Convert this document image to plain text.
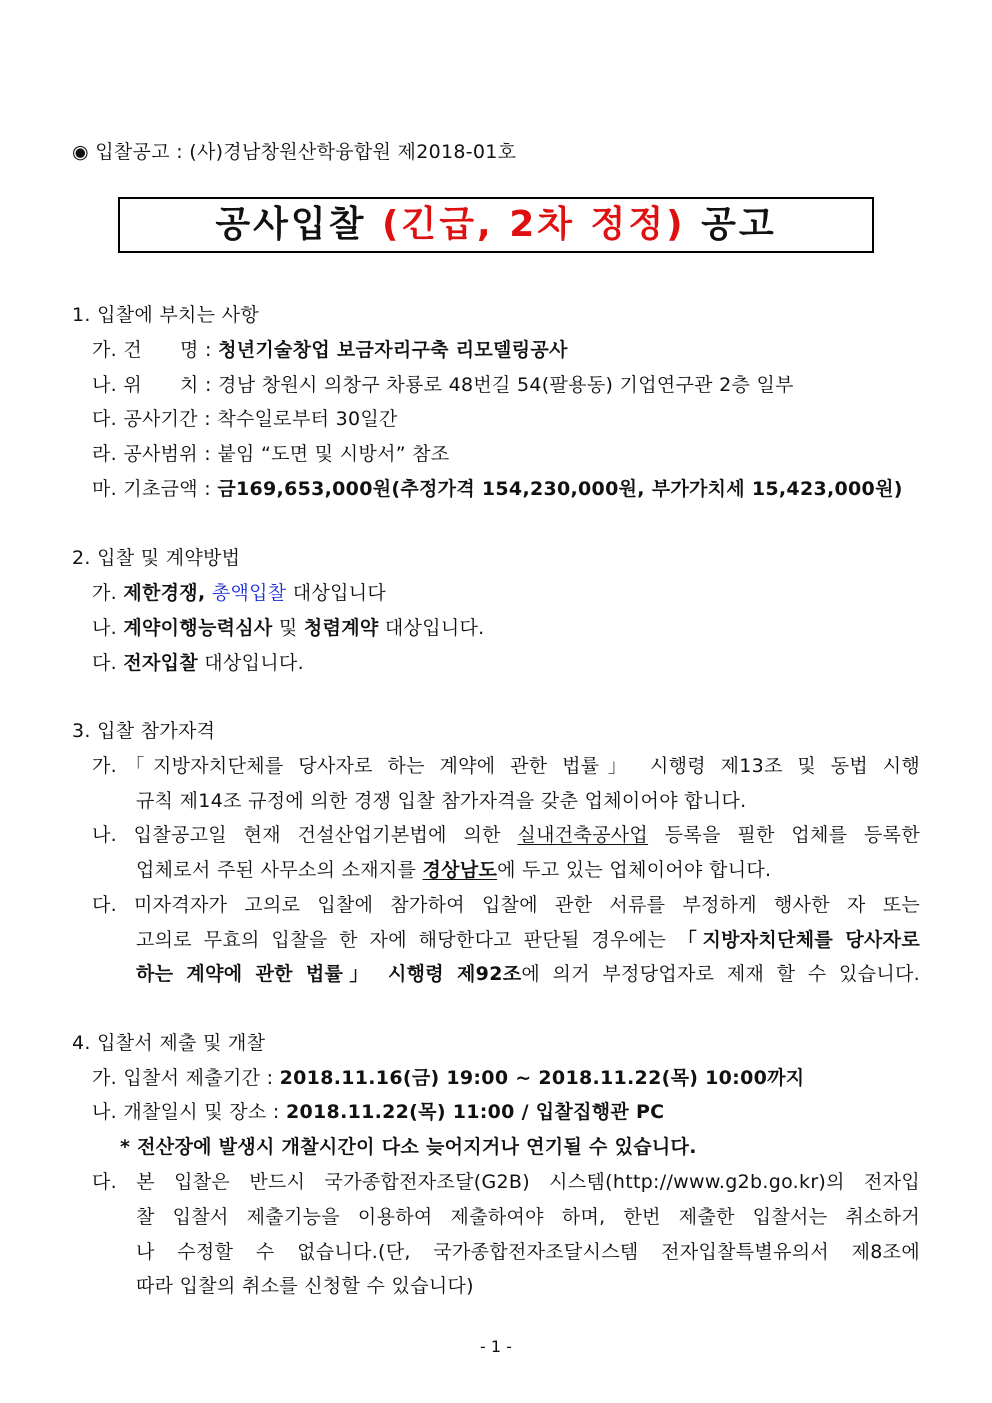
◉ 입찰공고 : (사)경남창원산학융합원 제2018-01호
공사입찰 (긴급, 2차 정정) 공고
1. 입찰에 부치는 사항
가. 건      명 : 청년기술창업 보금자리구축 리모델링공사
나. 위      치 : 경남 창원시 의창구 차룡로 48번길 54(팔용동) 기업연구관 2층 일부
다. 공사기간 : 착수일로부터 30일간
라. 공사범위 : 붙임 “도면 및 시방서” 참조
마. 기초금액 : 금169,653,000원(추정가격 154,230,000원, 부가가치세 15,423,000원)
2. 입찰 및 계약방법
가. 제한경쟁, 총액입찰 대상입니다
나. 계약이행능력심사 및 청렴계약 대상입니다.
다. 전자입찰 대상입니다.
3. 입찰 참가자격
가.「지방자치단체를 당사자로 하는 계약에 관한 법률」 시행령 제13조 및 동법 시행
규칙 제14조 규정에 의한 경쟁 입찰 참가자격을 갖춘 업체이어야 합니다.
나. 입찰공고일 현재 건설산업기본법에 의한 실내건축공사업 등록을 필한 업체를 등록한
업체로서 주된 사무소의 소재지를 경상남도에 두고 있는 업체이어야 합니다.
다. 미자격자가 고의로 입찰에 참가하여 입찰에 관한 서류를 부정하게 행사한 자 또는
고의로 무효의 입찰을 한 자에 해당한다고 판단될 경우에는 「지방자치단체를 당사자로
하는 계약에 관한 법률」 시행령 제92조에 의거 부정당업자로 제재 할 수 있습니다.
4. 입찰서 제출 및 개찰
가. 입찰서 제출기간 : 2018.11.16(금) 19:00 ~ 2018.11.22(목) 10:00까지
나. 개찰일시 및 장소 : 2018.11.22(목) 11:00 / 입찰집행관 PC
* 전산장에 발생시 개찰시간이 다소 늦어지거나 연기될 수 있습니다.
다. 본 입찰은 반드시 국가종합전자조달(G2B) 시스템(http://www.g2b.go.kr)의 전자입
찰 입찰서 제출기능을 이용하여 제출하여야 하며, 한번 제출한 입찰서는 취소하거
나 수정할 수 없습니다.(단, 국가종합전자조달시스템 전자입찰특별유의서 제8조에
따라 입찰의 취소를 신청할 수 있습니다)
- 1 -
